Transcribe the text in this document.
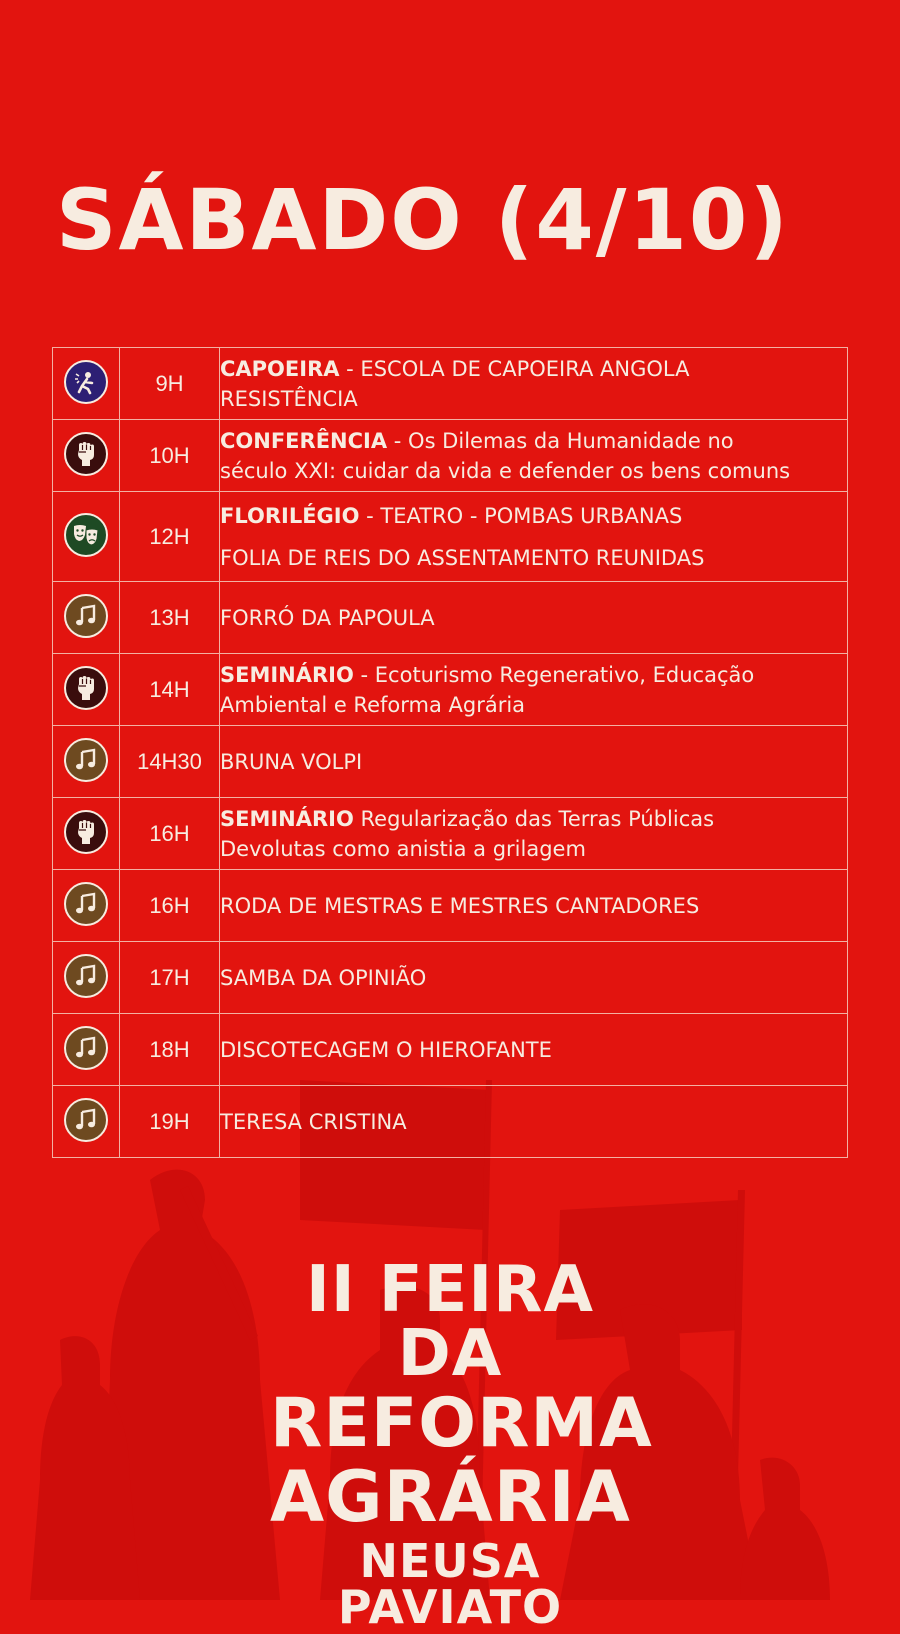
SÁBADO (4/10)
	9H	CAPOEIRA - ESCOLA DE CAPOEIRA ANGOLA
RESISTÊNCIA

	10H	CONFERÊNCIA - Os Dilemas da Humanidade no
século XXI: cuidar da vida e defender os bens comuns

	12H	FLORILÉGIO - TEATRO - POMBAS URBANAS
FOLIA DE REIS DO ASSENTAMENTO REUNIDAS

	13H	FORRÓ DA PAPOULA

	14H	SEMINÁRIO - Ecoturismo Regenerativo, Educação
Ambiental e Reforma Agrária

	14H30	BRUNA VOLPI

	16H	SEMINÁRIO Regularização das Terras Públicas
Devolutas como anistia a grilagem

	16H	RODA DE MESTRAS E MESTRES CANTADORES

	17H	SAMBA DA OPINIÃO

	18H	DISCOTECAGEM O HIEROFANTE

	19H	TERESA CRISTINA
II FEIRA DA
REFORMA
AGRÁRIA
NEUSA PAVIATO
